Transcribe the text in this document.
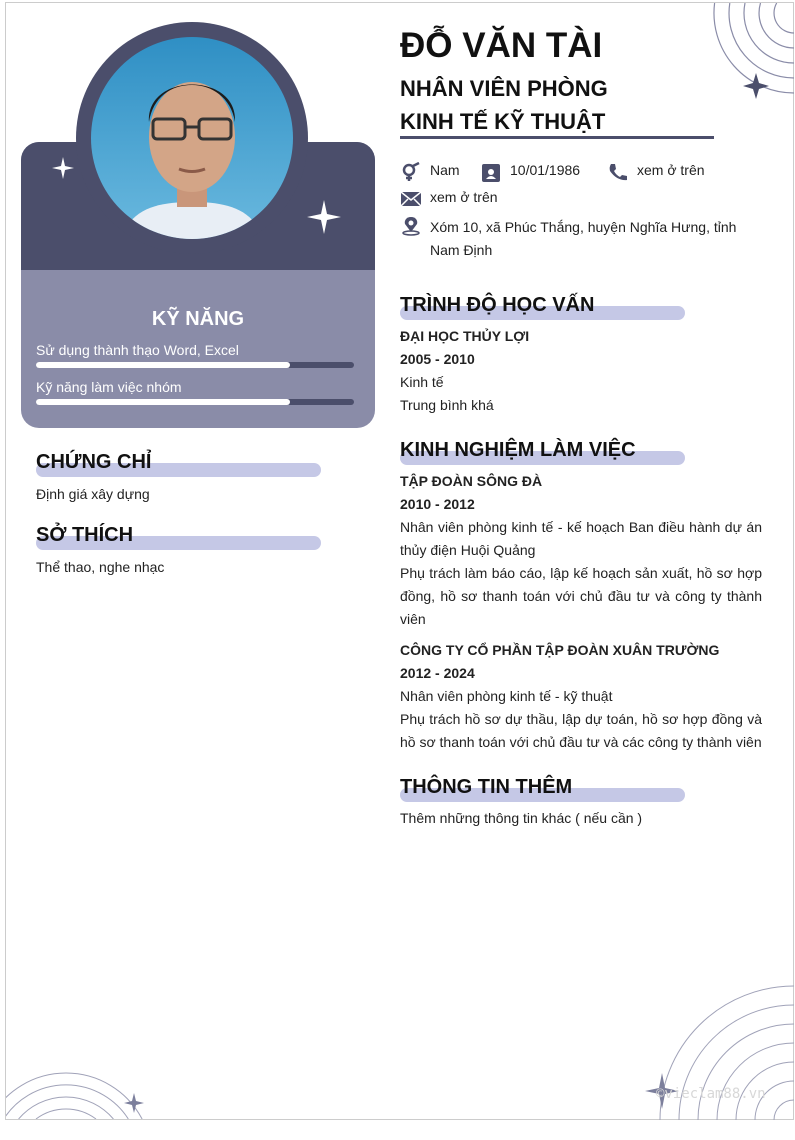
KỸ NĂNG
Sử dụng thành thạo Word, Excel
Kỹ năng làm việc nhóm
CHỨNG CHỈ
Định giá xây dựng
SỞ THÍCH
Thể thao, nghe nhạc
ĐỖ VĂN TÀI
NHÂN VIÊN PHÒNG
KINH TẾ KỸ THUẬT
Nam	10/01/1986	xem ở trên
xem ở trên
Xóm 10, xã Phúc Thắng, huyện Nghĩa Hưng, tỉnh Nam Định
TRÌNH ĐỘ HỌC VẤN
ĐẠI HỌC THỦY LỢI
2005 - 2010
Kinh tế
Trung bình khá
KINH NGHIỆM LÀM VIỆC
TẬP ĐOÀN SÔNG ĐÀ
2010 - 2012
Nhân viên phòng kinh tế - kế hoạch Ban điều hành dự án thủy điện Huội Quảng
Phụ trách làm báo cáo, lập kế hoạch sản xuất, hồ sơ hợp đồng, hồ sơ thanh toán với chủ đầu tư và công ty thành viên
CÔNG TY CỔ PHẦN TẬP ĐOÀN XUÂN TRƯỜNG
2012 - 2024
Nhân viên phòng kinh tế - kỹ thuật
Phụ trách hồ sơ dự thầu, lập dự toán, hồ sơ hợp đồng và hồ sơ thanh toán với chủ đầu tư và các công ty thành viên
THÔNG TIN THÊM
Thêm những thông tin khác ( nếu cần )
©vieclam88.vn
